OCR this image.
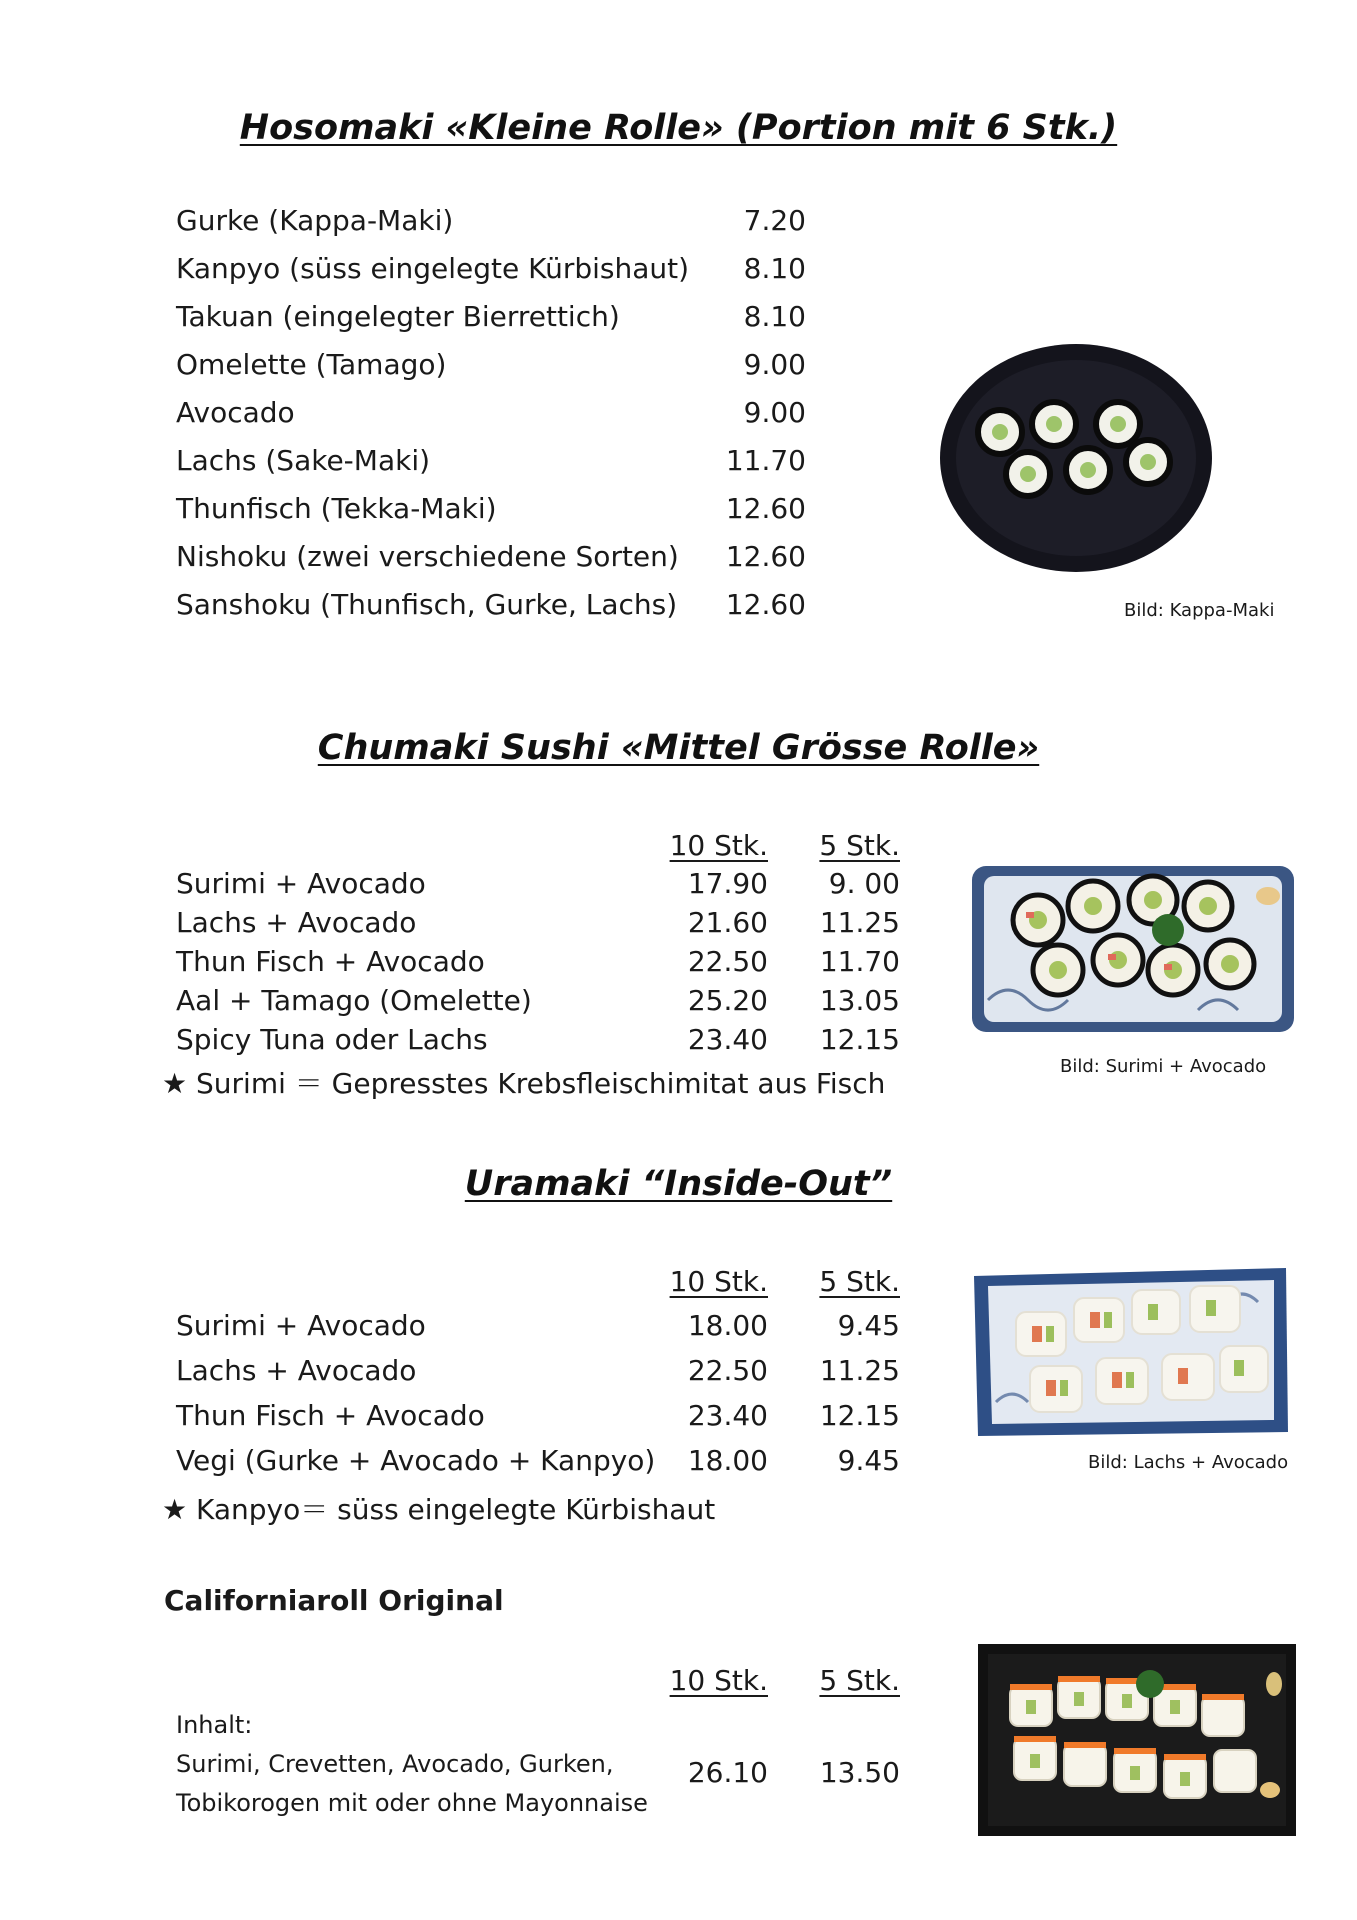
Hosomaki «Kleine Rolle» (Portion mit 6 Stk.)
Gurke (Kappa-Maki)	7.20
Kanpyo (süss eingelegte Kürbishaut)	8.10
Takuan (eingelegter Bierrettich)	8.10
Omelette (Tamago)	9.00
Avocado	9.00
Lachs (Sake-Maki)	11.70
Thunfisch (Tekka-Maki)	12.60
Nishoku (zwei verschiedene Sorten)	12.60
Sanshoku (Thunfisch, Gurke, Lachs)	12.60	Bild: Kappa-Maki
Chumaki Sushi «Mittel Grösse Rolle»
10 Stk.	5 Stk.
Surimi + Avocado	17.90	9. 00
Lachs + Avocado	21.60	11.25
Thun Fisch + Avocado	22.50	11.70
Aal + Tamago (Omelette)	25.20	13.05
Spicy Tuna oder Lachs	23.40	12.15
★ Surimi ＝ Gepresstes Krebsfleischimitat aus Fisch
Bild: Surimi + Avocado
Uramaki “Inside-Out”
10 Stk.	5 Stk.
Surimi + Avocado	18.00	9.45
Lachs + Avocado	22.50	11.25
Thun Fisch + Avocado	23.40	12.15
Vegi (Gurke + Avocado + Kanpyo)	18.00	9.45
★ Kanpyo＝ süss eingelegte Kürbishaut
Bild: Lachs + Avocado
Californiaroll Original
10 Stk.	5 Stk.
Inhalt:
Surimi, Crevetten, Avocado, Gurken,
Tobikorogen mit oder ohne Mayonnaise
26.10	13.50
